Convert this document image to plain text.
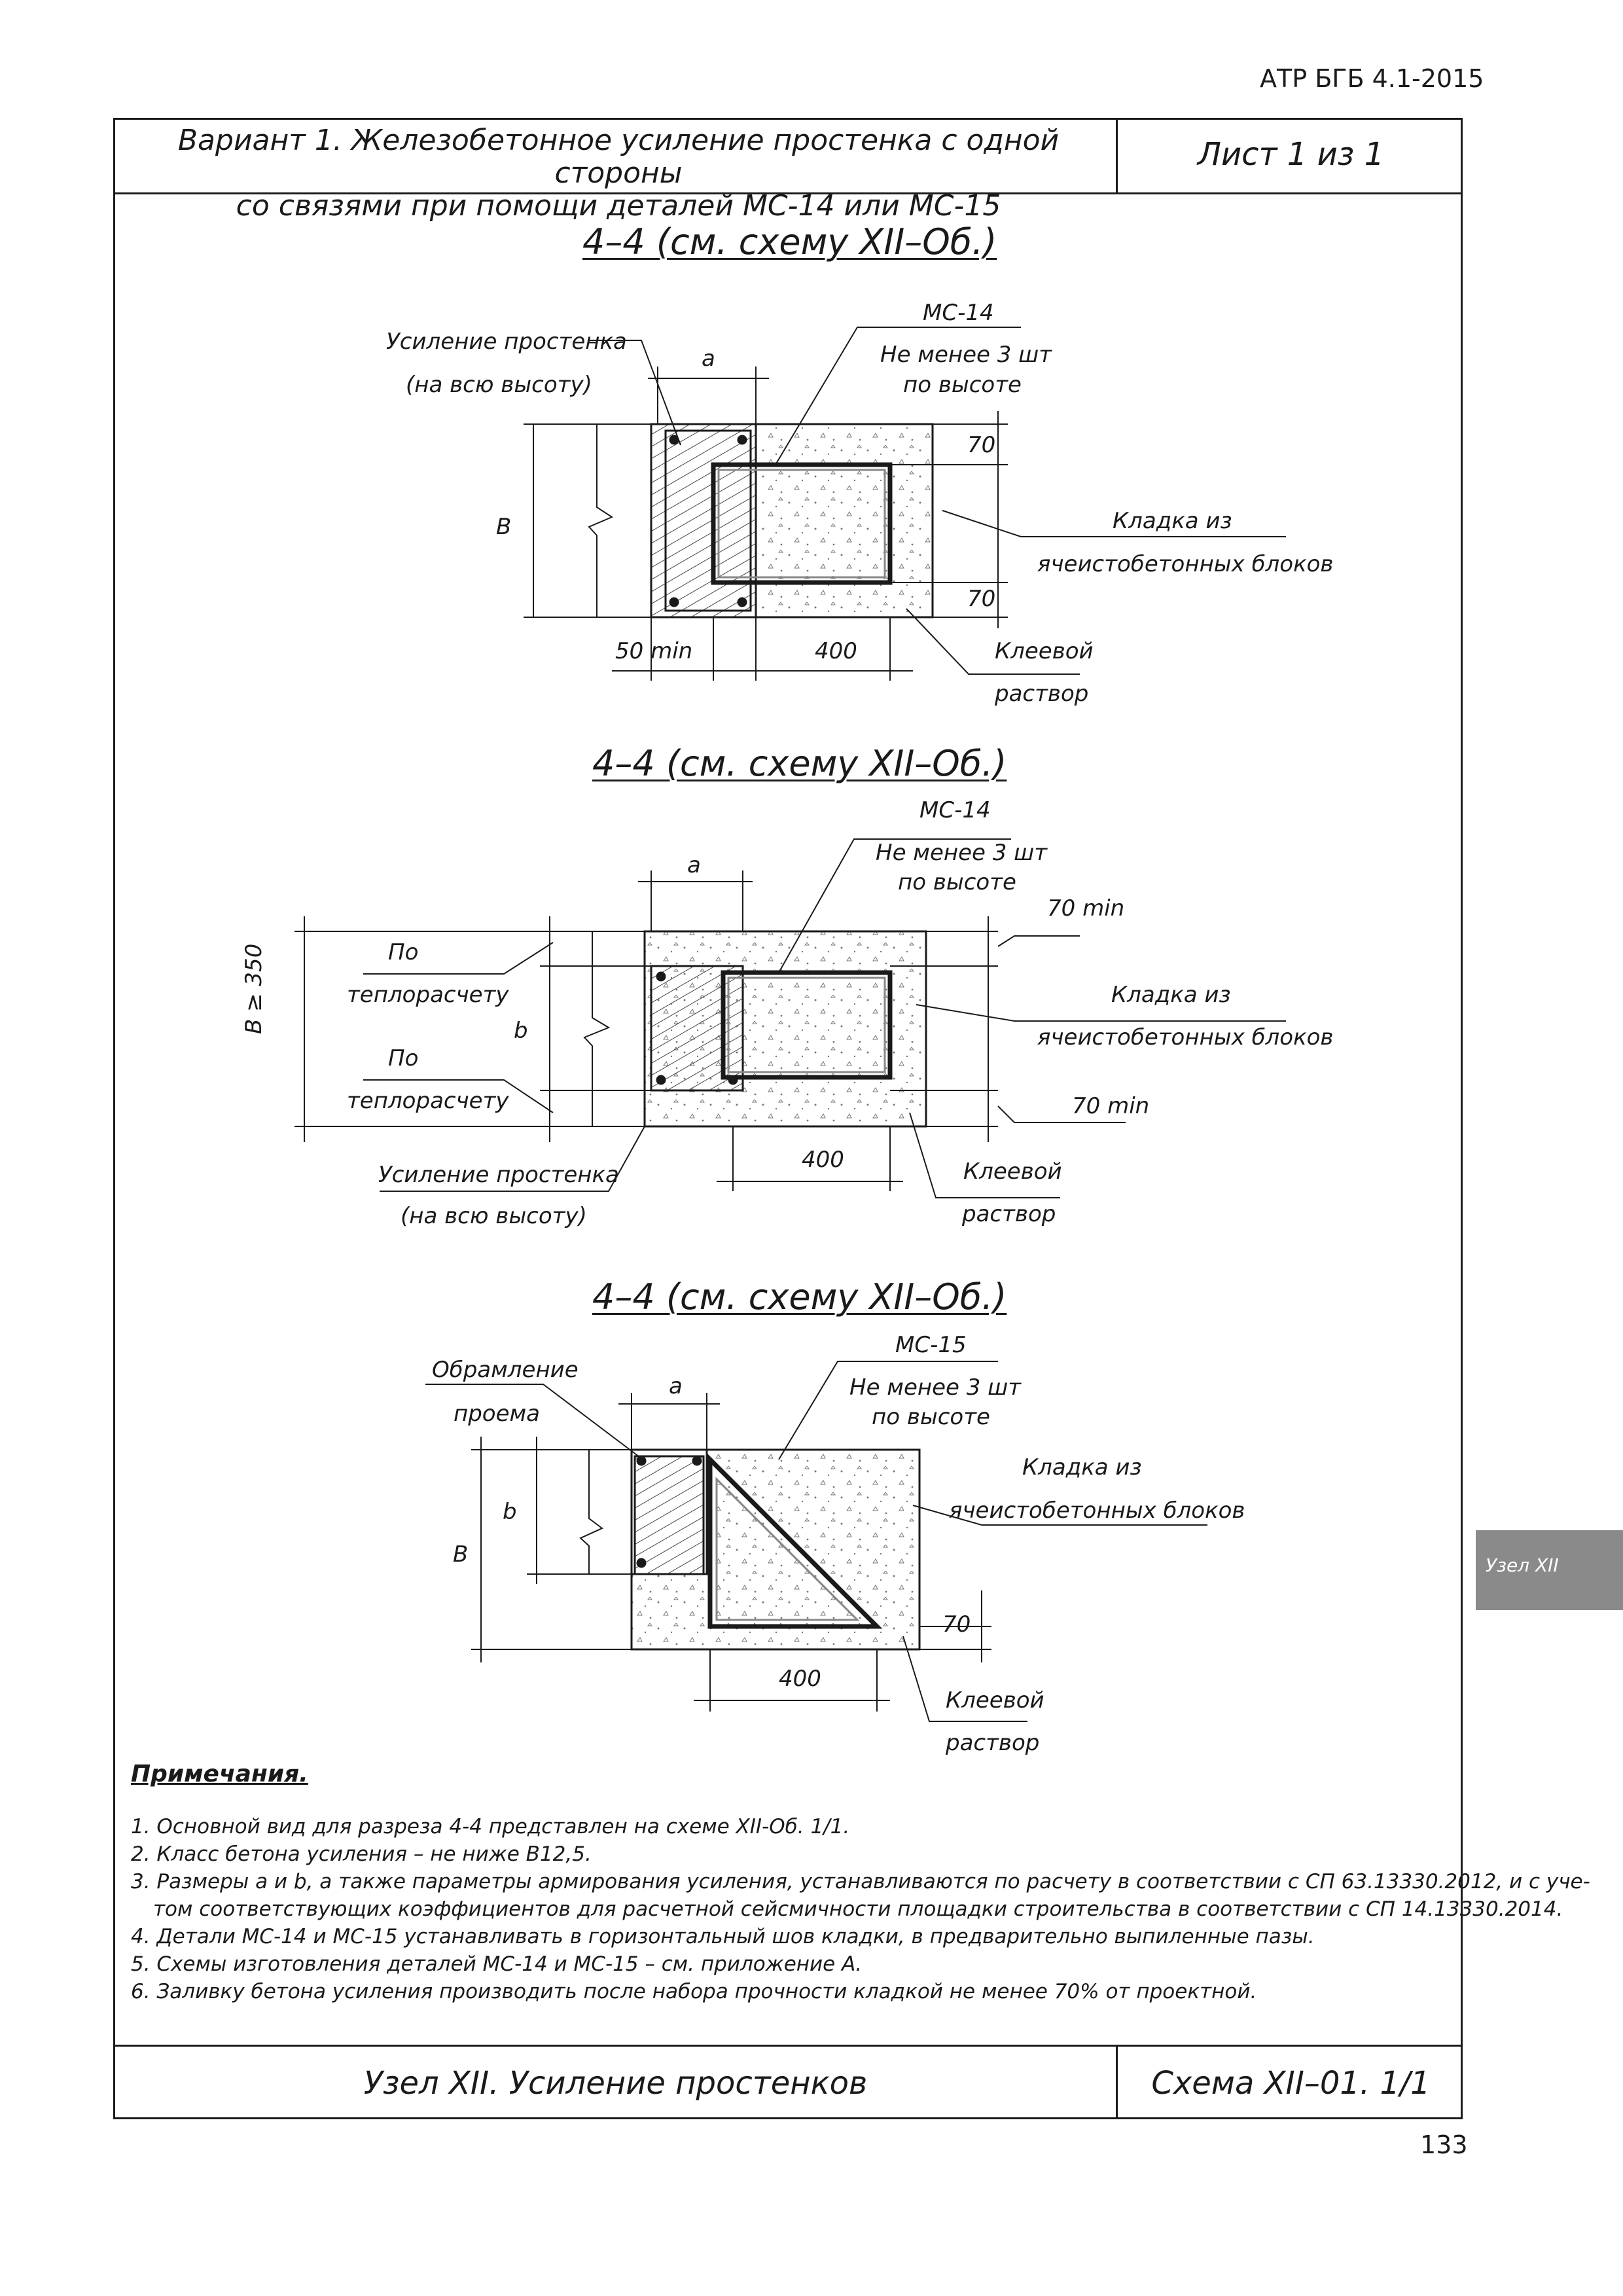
АТР БГБ 4.1-2015
Вариант 1. Железобетонное усиление простенка с одной стороны
со связями при помощи деталей МС-14 или МС-15
Лист 1 из 1
4–4 (см. схему XII–Об.)
Усиление простенка
(на всю высоту)
МС-14
Не менее 3 шт
по высоте
Кладка из
ячеистобетонных блоков
Клеевой
раствор
a
B
70
70
50 min	400
4–4 (см. схему XII–Об.)
МС-14
Не менее 3 шт
по высоте
a
70 min
70 min
По
теплорасчету
По
теплорасчету
B ≥ 350	b
Кладка из
ячеистобетонных блоков
Усиление простенка
(на всю высоту)
400	Клеевой
раствор
4–4 (см. схему XII–Об.)
МС-15
Обрамление
проема
Не менее 3 шт
по высоте
a
B
b
Кладка из
ячеистобетонных блоков
70
400
Клеевой
раствор
Примечания.
1. Основной вид для разреза 4-4 представлен на схеме XII-Об. 1/1.
2. Класс бетона усиления – не ниже В12,5.
3. Размеры a и b, а также параметры армирования усиления, устанавливаются по расчету в соответствии с СП 63.13330.2012, и с уче-
том соответствующих коэффициентов для расчетной сейсмичности площадки строительства в соответствии с СП 14.13330.2014.
4. Детали МС-14 и МС-15 устанавливать в горизонтальный шов кладки, в предварительно выпиленные пазы.
5. Схемы изготовления деталей МС-14 и МС-15 – см. приложение А.
6. Заливку бетона усиления производить после набора прочности кладкой не менее 70% от проектной.
Узел XII. Усиление простенков	Схема XII–01. 1/1
133
Узел XII
